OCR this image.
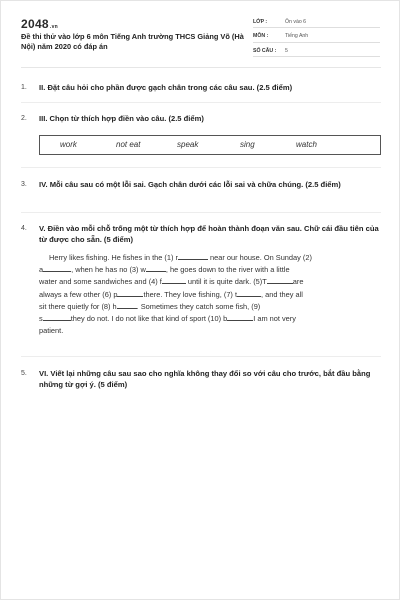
2048.vn
Đề thi thử vào lớp 6 môn Tiếng Anh trường THCS Giảng Võ (Hà Nội) năm 2020 có đáp án
LỚP :	Ôn vào 6
MÔN :	Tiếng Anh
SỐ CÂU :	5
1.	II. Đặt câu hỏi cho phần được gạch chân trong các câu sau. (2.5 điểm)
2.	III. Chọn từ thích hợp điền vào câu. (2.5 điểm)
work	not eat	speak	sing	watch
3.	IV. Mỗi câu sau có một lỗi sai. Gạch chân dưới các lỗi sai và chữa chúng. (2.5 điểm)
4.	V. Điền vào mỗi chỗ trống một từ thích hợp để hoàn thành đoạn văn sau. Chữ cái đầu tiên của từ được cho sẵn. (5 điểm)
Herry likes fishing. He fishes in the (1) r	near our house. On Sunday (2)
a	, when he has no (3) w	, he goes down to the river with a little
water and some sandwiches and (4) f	until it is quite dark. (5)T	are
always a few other (6) p	there. They love fishing, (7) t	, and they all
sit there quietly for (8) h	. Sometimes they catch some fish, (9)
s	they do not. I do not like that kind of sport (10) b	I am not very
patient.
5.	VI. Viết lại những câu sau sao cho nghĩa không thay đổi so với câu cho trước, bắt đầu bằng những từ gợi ý. (5 điểm)
